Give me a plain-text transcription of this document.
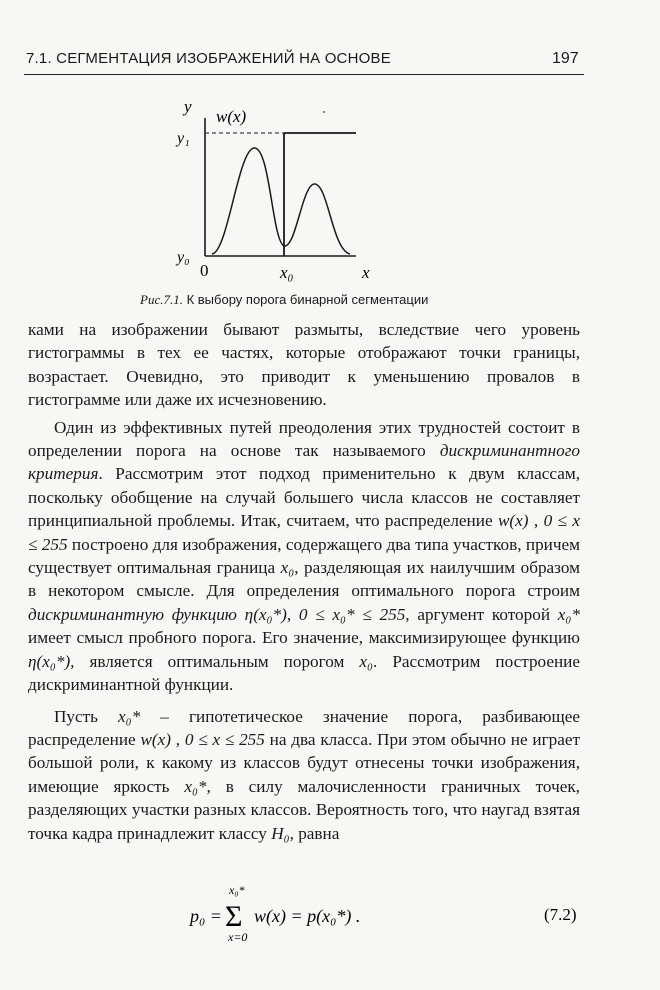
7.1. СЕГМЕНТАЦИЯ ИЗОБРАЖЕНИЙ НА ОСНОВЕ	197
y
w(x)
y₁
y₀
0	x₀	x
Рис.7.1. К выбору порога бинарной сегментации

ками на изображении бывают размыты, вследствие чего уровень гистограммы в тех ее частях, которые отображают точки границы, возрастает. Очевидно, это приводит к уменьшению провалов в гистограмме или даже их исчезновению.

Один из эффективных путей преодоления этих трудностей состоит в определении порога на основе так называемого дискриминантного критерия. Рассмотрим этот подход применительно к двум классам, поскольку обобщение на случай большего числа классов не составляет принципиальной проблемы. Итак, считаем, что распределение w(x) , 0 ≤ x ≤ 255 построено для изображения, содержащего два типа участков, причем существует оптимальная граница x₀, разделяющая их наилучшим образом в некотором смысле. Для определения оптимального порога строим дискриминантную функцию η(x₀*), 0 ≤ x₀* ≤ 255, аргумент которой x₀* имеет смысл пробного порога. Его значение, максимизирующее функцию η(x₀*), является оптимальным порогом x₀. Рассмотрим построение дискриминантной функции.

Пусть x₀* – гипотетическое значение порога, разбивающее распределение w(x) , 0 ≤ x ≤ 255 на два класса. При этом обычно не играет большой роли, к какому из классов будут отнесены точки изображения, имеющие яркость x₀*, в силу малочисленности граничных точек, разделяющих участки разных классов. Вероятность того, что наугад взятая точка кадра принадлежит классу H₀, равна

p₀ =
x₀*
Σ
x=0
w(x) = p(x₀*) .	(7.2)
